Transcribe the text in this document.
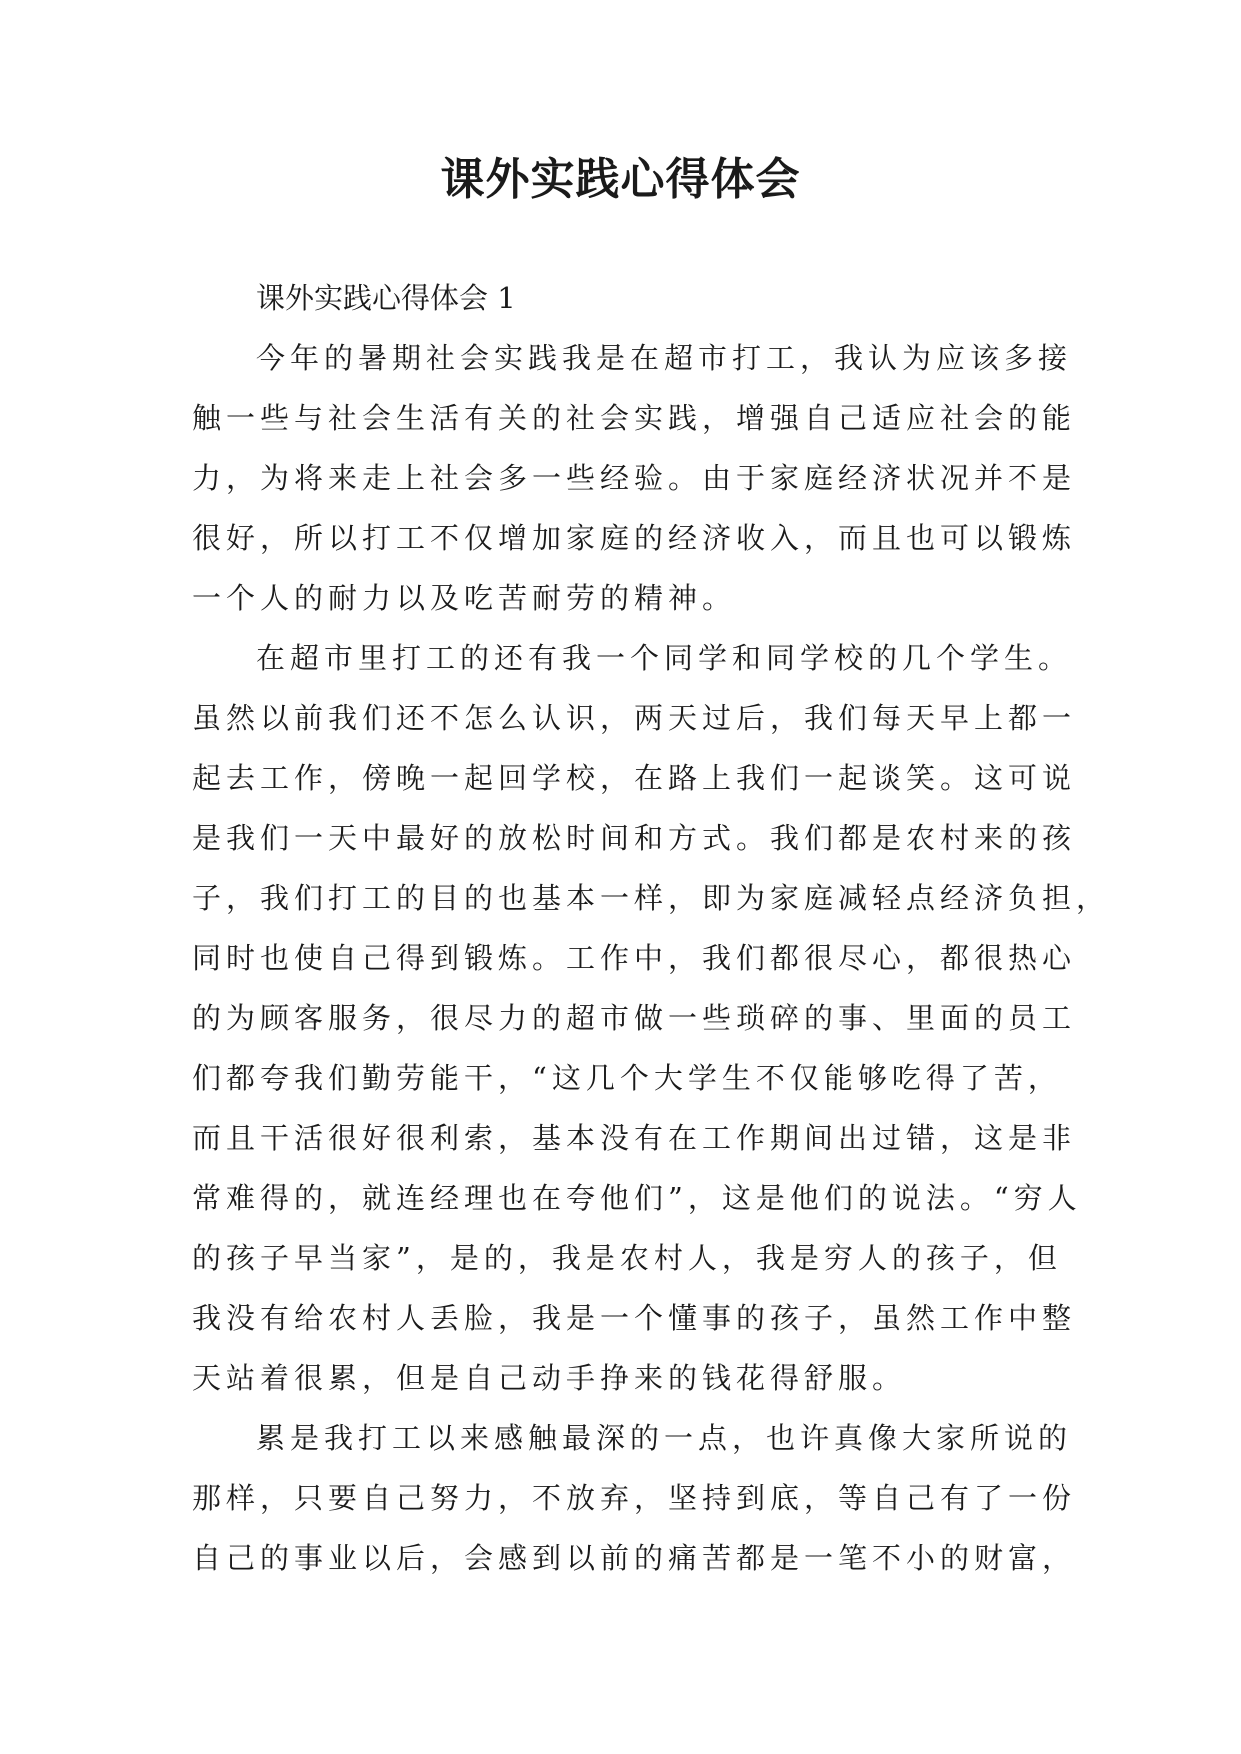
课外实践心得体会

课外实践心得体会 1

今年的暑期社会实践我是在超市打工，我认为应该多接
触一些与社会生活有关的社会实践，增强自己适应社会的能
力，为将来走上社会多一些经验。由于家庭经济状况并不是
很好，所以打工不仅增加家庭的经济收入，而且也可以锻炼
一个人的耐力以及吃苦耐劳的精神。

在超市里打工的还有我一个同学和同学校的几个学生。
虽然以前我们还不怎么认识，两天过后，我们每天早上都一
起去工作，傍晚一起回学校，在路上我们一起谈笑。这可说
是我们一天中最好的放松时间和方式。我们都是农村来的孩
子，我们打工的目的也基本一样，即为家庭减轻点经济负担，
同时也使自己得到锻炼。工作中，我们都很尽心，都很热心
的为顾客服务，很尽力的超市做一些琐碎的事、里面的员工
们都夸我们勤劳能干，“这几个大学生不仅能够吃得了苦，
而且干活很好很利索，基本没有在工作期间出过错，这是非
常难得的，就连经理也在夸他们”，这是他们的说法。“穷人
的孩子早当家”，是的，我是农村人，我是穷人的孩子，但
我没有给农村人丢脸，我是一个懂事的孩子，虽然工作中整
天站着很累，但是自己动手挣来的钱花得舒服。

累是我打工以来感触最深的一点，也许真像大家所说的
那样，只要自己努力，不放弃，坚持到底，等自己有了一份
自己的事业以后，会感到以前的痛苦都是一笔不小的财富，
